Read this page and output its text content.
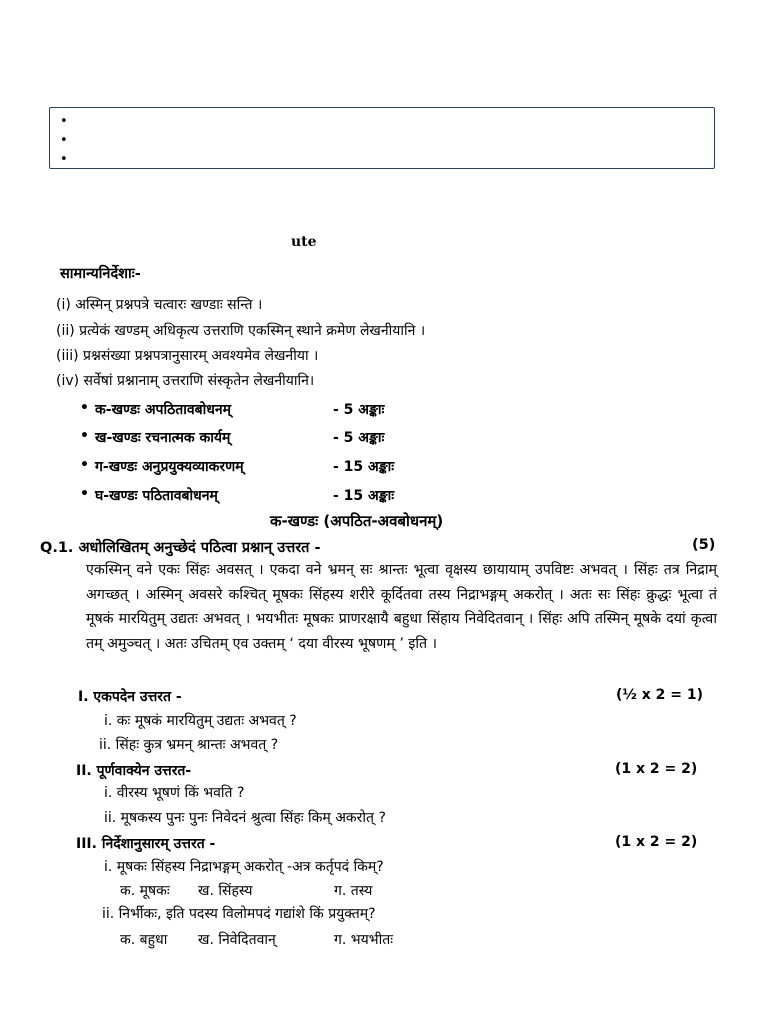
•
•
•
ute
सामान्यनिर्देशाः-
(i) अस्मिन् प्रश्नपत्रे चत्वारः खण्डाः सन्ति ।
(ii) प्रत्येकं खण्डम् अधिकृत्य उत्तराणि एकस्मिन् स्थाने क्रमेण लेखनीयानि ।
(iii) प्रश्नसंख्या प्रश्नपत्रानुसारम् अवश्यमेव लेखनीया ।
(iv) सर्वेषां प्रश्नानाम् उत्तराणि संस्कृतेन लेखनीयानि।
• क-खण्डः अपठितावबोधनम्	- 5 अङ्काः
• ख-खण्डः रचनात्मक कार्यम्	- 5 अङ्काः
• ग-खण्डः अनुप्रयुक्यव्याकरणम्	- 15 अङ्काः
• घ-खण्डः पठितावबोधनम्	- 15 अङ्काः
क-खण्डः (अपठित-अवबोधनम्)
Q.1. अधोलिखितम् अनुच्छेदं पठित्वा प्रश्नान् उत्तरत -	(5)
एकस्मिन् वने एकः सिंहः अवसत् । एकदा वने भ्रमन् सः श्रान्तः भूत्वा वृक्षस्य छायायाम् उपविष्टः अभवत् । सिंहः तत्र निद्राम् अगच्छत् । अस्मिन् अवसरे कश्चित् मूषकः सिंहस्य शरीरे कूर्दितवा तस्य निद्राभङ्गम् अकरोत् । अतः सः सिंहः क्रुद्धः भूत्वा तं मूषकं मारयितुम् उद्यतः अभवत् । भयभीतः मूषकः प्राणरक्षायै बहुधा सिंहाय निवेदितवान् । सिंहः अपि तस्मिन् मूषके दयां कृत्वा तम् अमुञ्चत् । अतः उचितम् एव उक्तम् ‘ दया वीरस्य भूषणम् ’ इति ।
I. एकपदेन उत्तरत -	(½ x 2 = 1)
i. कः मूषकं मारयितुम् उद्यतः अभवत् ?
ii. सिंहः कुत्र भ्रमन् श्रान्तः अभवत् ?
II. पूर्णवाक्येन उत्तरत-	(1 x 2 = 2)
i. वीरस्य भूषणं किं भवति ?
ii. मूषकस्य पुनः पुनः निवेदनं श्रुत्वा सिंहः किम् अकरोत् ?
III. निर्देशानुसारम् उत्तरत -	(1 x 2 = 2)
i. मूषकः सिंहस्य निद्राभङ्गम् अकरोत् -अत्र कर्तृपदं किम्?
क. मूषकः ख. सिंहस्य	ग. तस्य
ii. निर्भीकः, इति पदस्य विलोमपदं गद्यांशे किं प्रयुक्तम्?
क. बहुधा ख. निवेदितवान्	ग. भयभीतः
